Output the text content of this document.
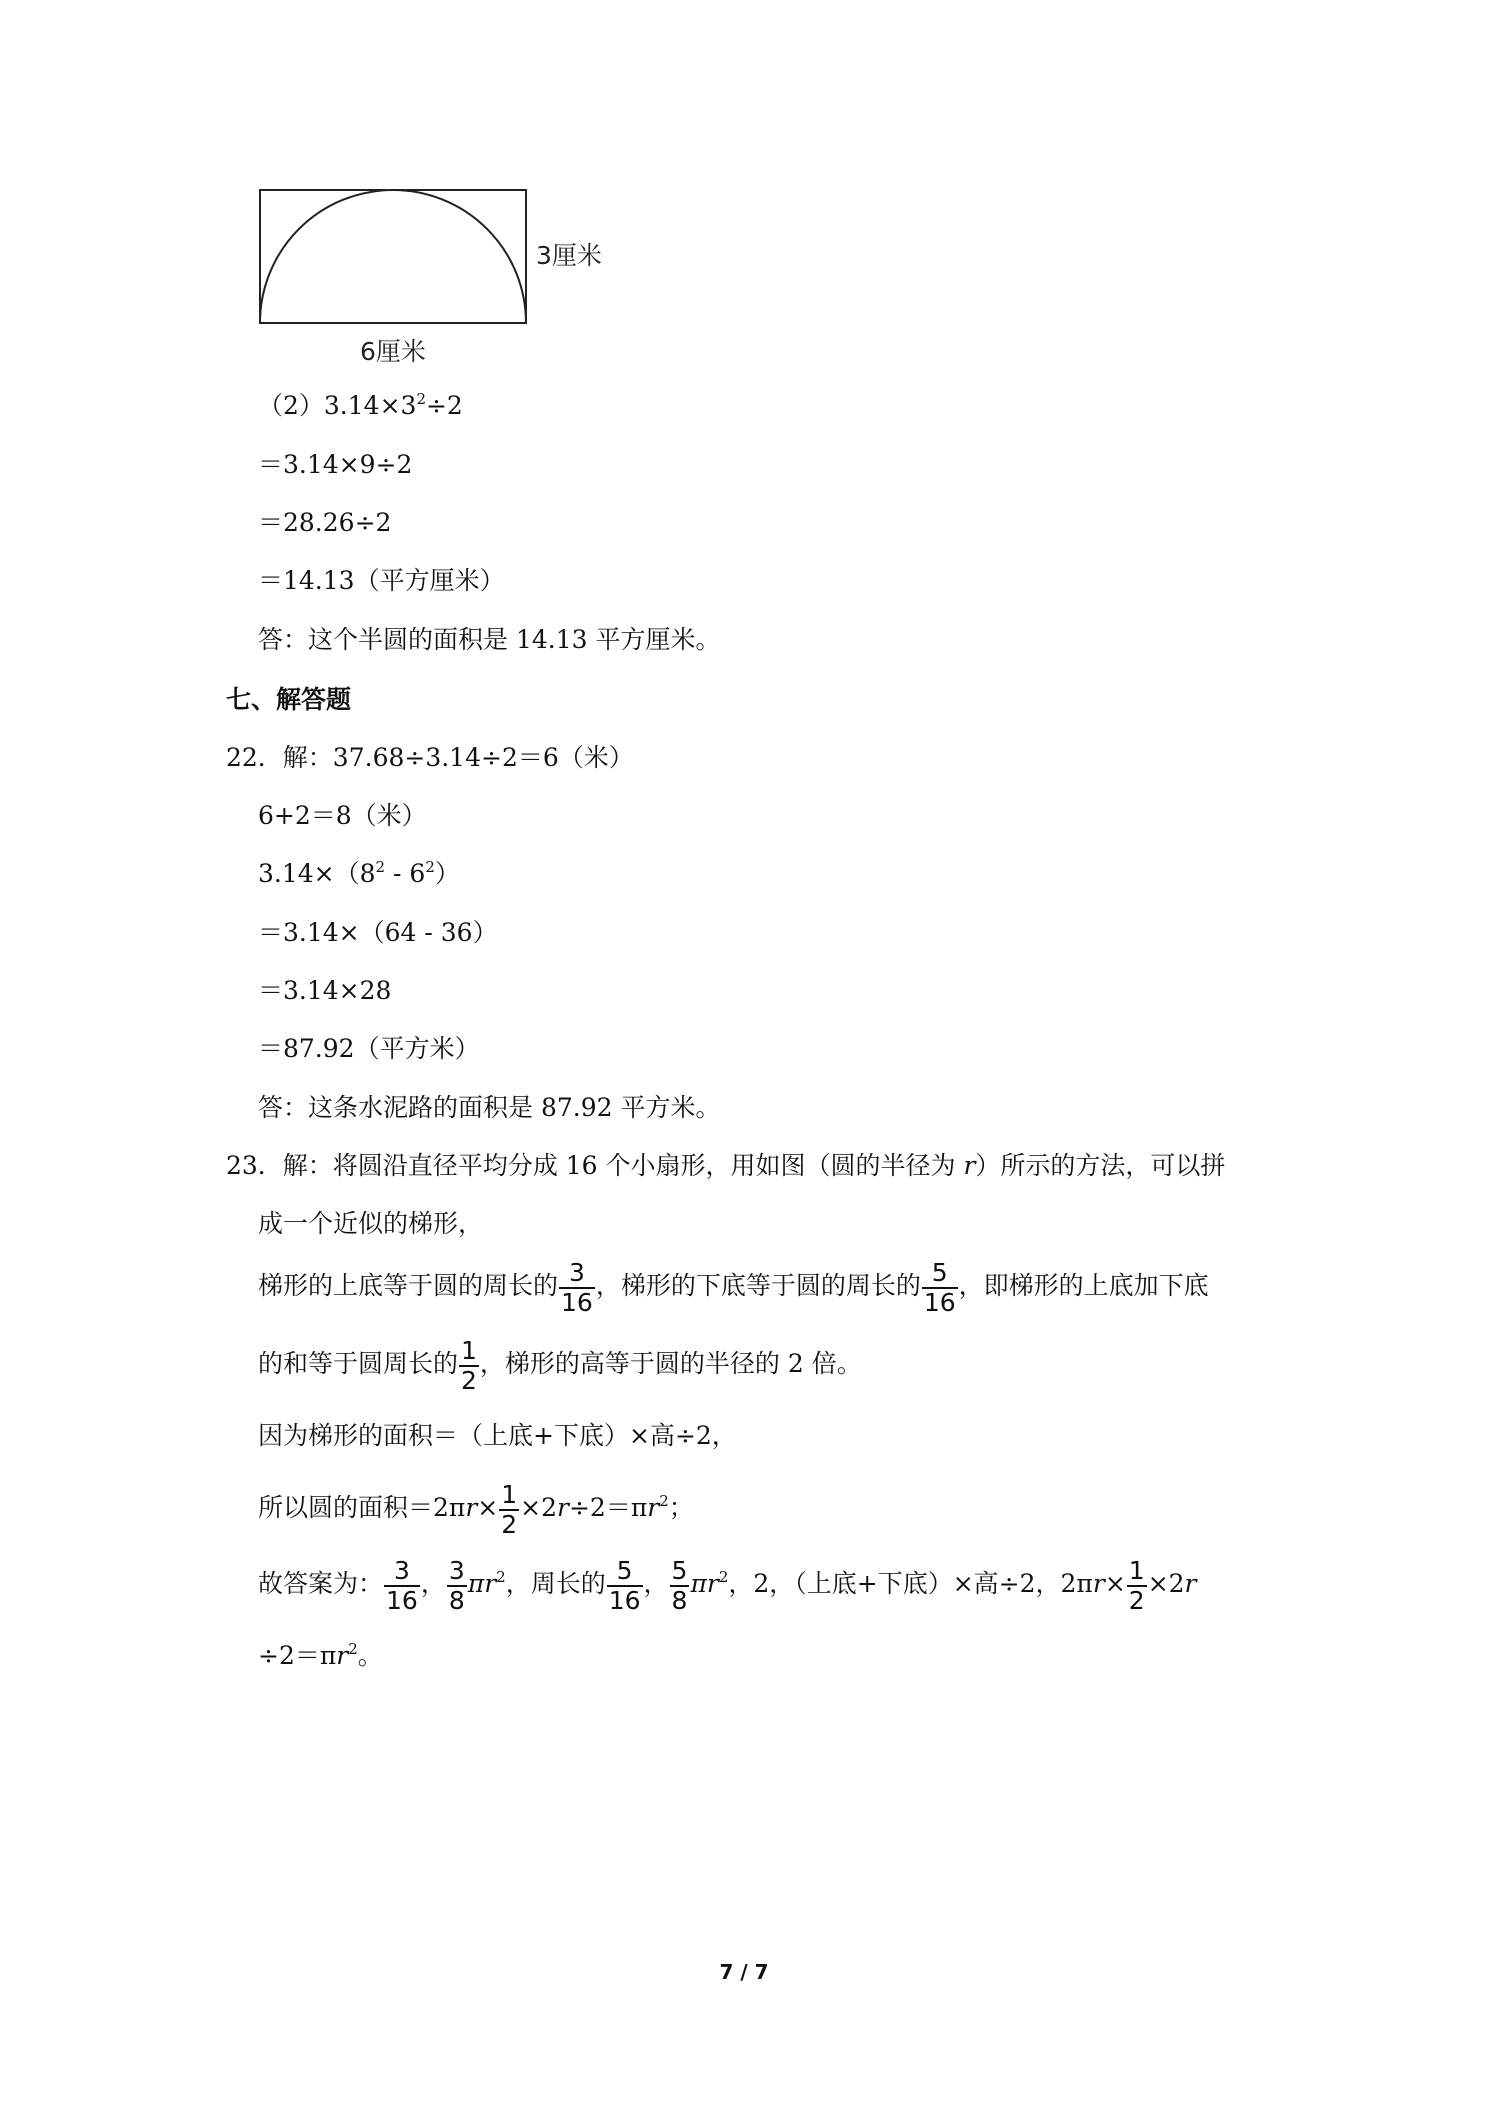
3厘米
6厘米
$(2)3.14\times 3^2\div 2$
＝3.14×9÷2
＝28.26÷2
＝14.13（平方厘米）
答：这个半圆的面积是 14.13 平方厘米。
七、解答题
22．解：37.68÷3.14÷2＝6（米）
6+2＝8（米）
$3.14\times(8^2$ ‑ $6^2$）
＝3.14×（64 ‑ 36）
＝3.14×28
＝87.92（平方米）
答：这条水泥路的面积是 87.92 平方米。
23．解：将圆沿直径平均分成 16 个小扇形，用如图（圆的半径为 r）所示的方法，可以拼
成一个近似的梯形，
梯形的上底等于圆的周长的 $\frac{3}{16}$ ，梯形的下底等于圆的周长的 $\frac{5}{16}$ ，即梯形的上底加下底
的和等于圆周长的 $\frac{1}{2}$ ，梯形的高等于圆的半径的 2 倍。
因为梯形的面积＝（上底+下底）×高÷2，
所以圆的面积$=2\pi r\times \frac{1}{2} \times 2r\div 2=\pi r^2$；
故答案为： $\frac{3}{16}$ ， $\frac{3}{8} \pi r^2$，周长的 $\frac{5}{16}$ ， $\frac{5}{8} \pi r^2$，2，（上底+下底）×高÷2，$2\pi r\times \frac{1}{2} \times 2r$
$\div 2=\pi r^2$。
7 / 7
